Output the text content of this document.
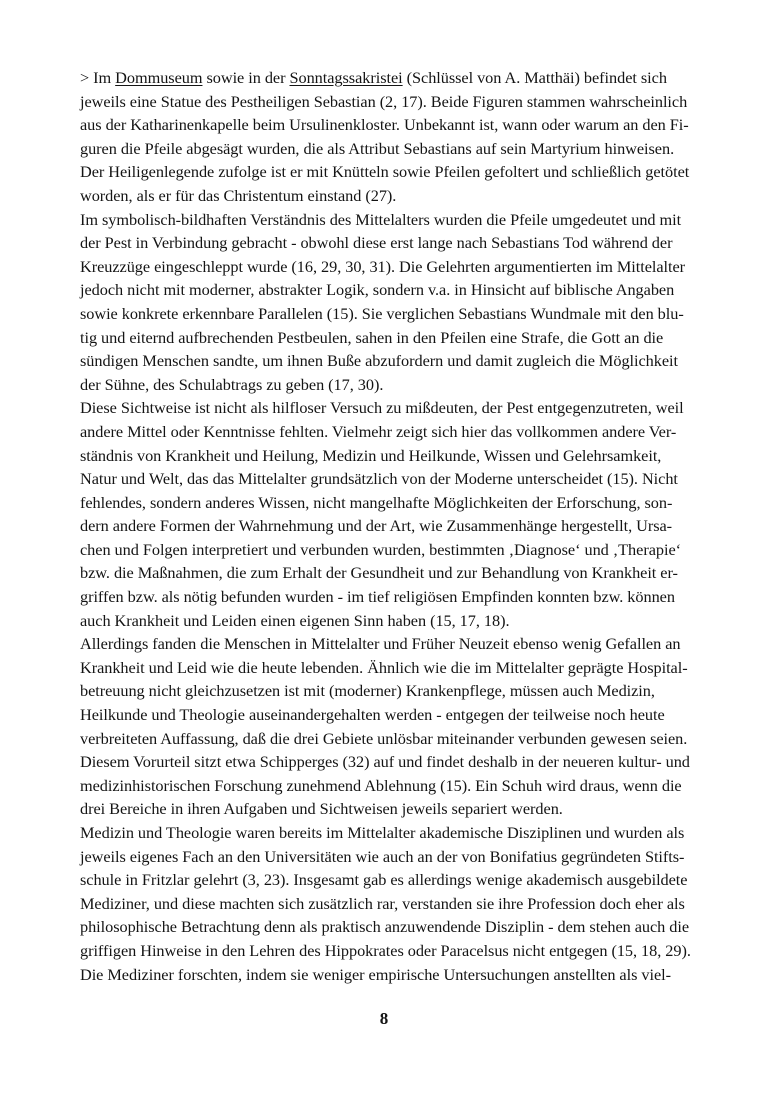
> Im Dommuseum sowie in der Sonntagssakristei (Schlüssel von A. Matthäi) befindet sich
jeweils eine Statue des Pestheiligen Sebastian (2, 17). Beide Figuren stammen wahrscheinlich
aus der Katharinenkapelle beim Ursulinenkloster. Unbekannt ist, wann oder warum an den Fi-
guren die Pfeile abgesägt wurden, die als Attribut Sebastians auf sein Martyrium hinweisen.
Der Heiligenlegende zufolge ist er mit Knütteln sowie Pfeilen gefoltert und schließlich getötet
worden, als er für das Christentum einstand (27).
Im symbolisch-bildhaften Verständnis des Mittelalters wurden die Pfeile umgedeutet und mit
der Pest in Verbindung gebracht - obwohl diese erst lange nach Sebastians Tod während der
Kreuzzüge eingeschleppt wurde (16, 29, 30, 31). Die Gelehrten argumentierten im Mittelalter
jedoch nicht mit moderner, abstrakter Logik, sondern v.a. in Hinsicht auf biblische Angaben
sowie konkrete erkennbare Parallelen (15). Sie verglichen Sebastians Wundmale mit den blu-
tig und eiternd aufbrechenden Pestbeulen, sahen in den Pfeilen eine Strafe, die Gott an die
sündigen Menschen sandte, um ihnen Buße abzufordern und damit zugleich die Möglichkeit
der Sühne, des Schulabtrags zu geben (17, 30).
Diese Sichtweise ist nicht als hilfloser Versuch zu mißdeuten, der Pest entgegenzutreten, weil
andere Mittel oder Kenntnisse fehlten. Vielmehr zeigt sich hier das vollkommen andere Ver-
ständnis von Krankheit und Heilung, Medizin und Heilkunde, Wissen und Gelehrsamkeit,
Natur und Welt, das das Mittelalter grundsätzlich von der Moderne unterscheidet (15). Nicht
fehlendes, sondern anderes Wissen, nicht mangelhafte Möglichkeiten der Erforschung, son-
dern andere Formen der Wahrnehmung und der Art, wie Zusammenhänge hergestellt, Ursa-
chen und Folgen interpretiert und verbunden wurden, bestimmten ‚Diagnose‘ und ‚Therapie‘
bzw. die Maßnahmen, die zum Erhalt der Gesundheit und zur Behandlung von Krankheit er-
griffen bzw. als nötig befunden wurden - im tief religiösen Empfinden konnten bzw. können
auch Krankheit und Leiden einen eigenen Sinn haben (15, 17, 18).
Allerdings fanden die Menschen in Mittelalter und Früher Neuzeit ebenso wenig Gefallen an
Krankheit und Leid wie die heute lebenden. Ähnlich wie die im Mittelalter geprägte Hospital-
betreuung nicht gleichzusetzen ist mit (moderner) Krankenpflege, müssen auch Medizin,
Heilkunde und Theologie auseinandergehalten werden - entgegen der teilweise noch heute
verbreiteten Auffassung, daß die drei Gebiete unlösbar miteinander verbunden gewesen seien.
Diesem Vorurteil sitzt etwa Schipperges (32) auf und findet deshalb in der neueren kultur- und
medizinhistorischen Forschung zunehmend Ablehnung (15). Ein Schuh wird draus, wenn die
drei Bereiche in ihren Aufgaben und Sichtweisen jeweils separiert werden.
Medizin und Theologie waren bereits im Mittelalter akademische Disziplinen und wurden als
jeweils eigenes Fach an den Universitäten wie auch an der von Bonifatius gegründeten Stifts-
schule in Fritzlar gelehrt (3, 23). Insgesamt gab es allerdings wenige akademisch ausgebildete
Mediziner, und diese machten sich zusätzlich rar, verstanden sie ihre Profession doch eher als
philosophische Betrachtung denn als praktisch anzuwendende Disziplin - dem stehen auch die
griffigen Hinweise in den Lehren des Hippokrates oder Paracelsus nicht entgegen (15, 18, 29).
Die Mediziner forschten, indem sie weniger empirische Untersuchungen anstellten als viel-
8
